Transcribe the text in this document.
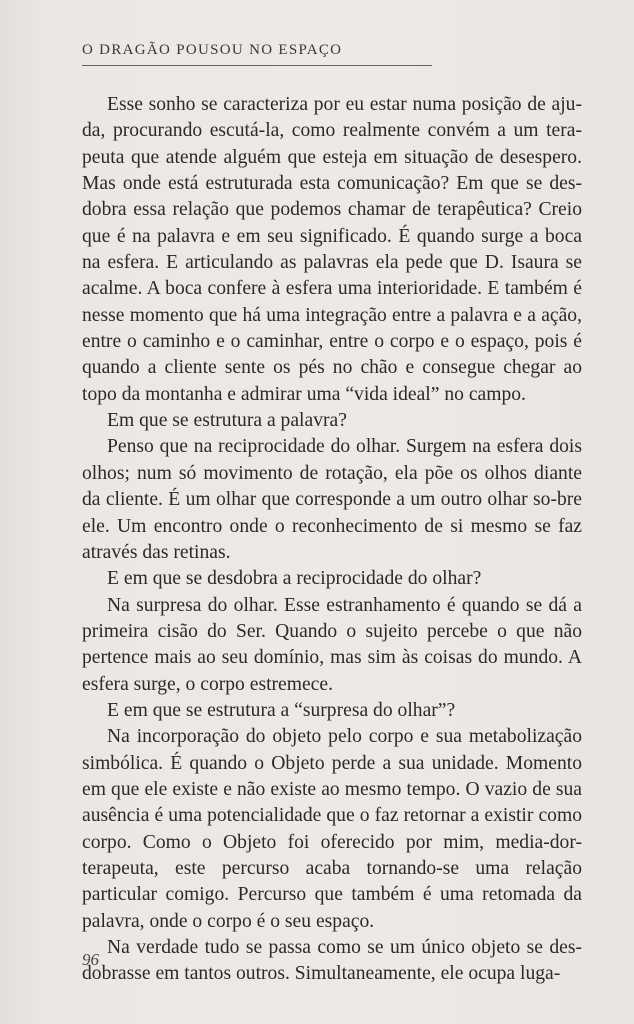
O DRAGÃO POUSOU NO ESPAÇO

Esse sonho se caracteriza por eu estar numa posição de aju-da, procurando escutá-la, como realmente convém a um tera-peuta que atende alguém que esteja em situação de desespero. Mas onde está estruturada esta comunicação? Em que se des-dobra essa relação que podemos chamar de terapêutica? Creio que é na palavra e em seu significado. É quando surge a boca na esfera. E articulando as palavras ela pede que D. Isaura se acalme. A boca confere à esfera uma interioridade. E também é nesse momento que há uma integração entre a palavra e a ação, entre o caminho e o caminhar, entre o corpo e o espaço, pois é quando a cliente sente os pés no chão e consegue chegar ao topo da montanha e admirar uma “vida ideal” no campo.

Em que se estrutura a palavra?

Penso que na reciprocidade do olhar. Surgem na esfera dois olhos; num só movimento de rotação, ela põe os olhos diante da cliente. É um olhar que corresponde a um outro olhar so-bre ele. Um encontro onde o reconhecimento de si mesmo se faz através das retinas.

E em que se desdobra a reciprocidade do olhar?

Na surpresa do olhar. Esse estranhamento é quando se dá a primeira cisão do Ser. Quando o sujeito percebe o que não pertence mais ao seu domínio, mas sim às coisas do mundo. A esfera surge, o corpo estremece.

E em que se estrutura a “surpresa do olhar”?

Na incorporação do objeto pelo corpo e sua metabolização simbólica. É quando o Objeto perde a sua unidade. Momento em que ele existe e não existe ao mesmo tempo. O vazio de sua ausência é uma potencialidade que o faz retornar a existir como corpo. Como o Objeto foi oferecido por mim, media-dor-terapeuta, este percurso acaba tornando-se uma relação particular comigo. Percurso que também é uma retomada da palavra, onde o corpo é o seu espaço.

Na verdade tudo se passa como se um único objeto se des-dobrasse em tantos outros. Simultaneamente, ele ocupa luga-

96
